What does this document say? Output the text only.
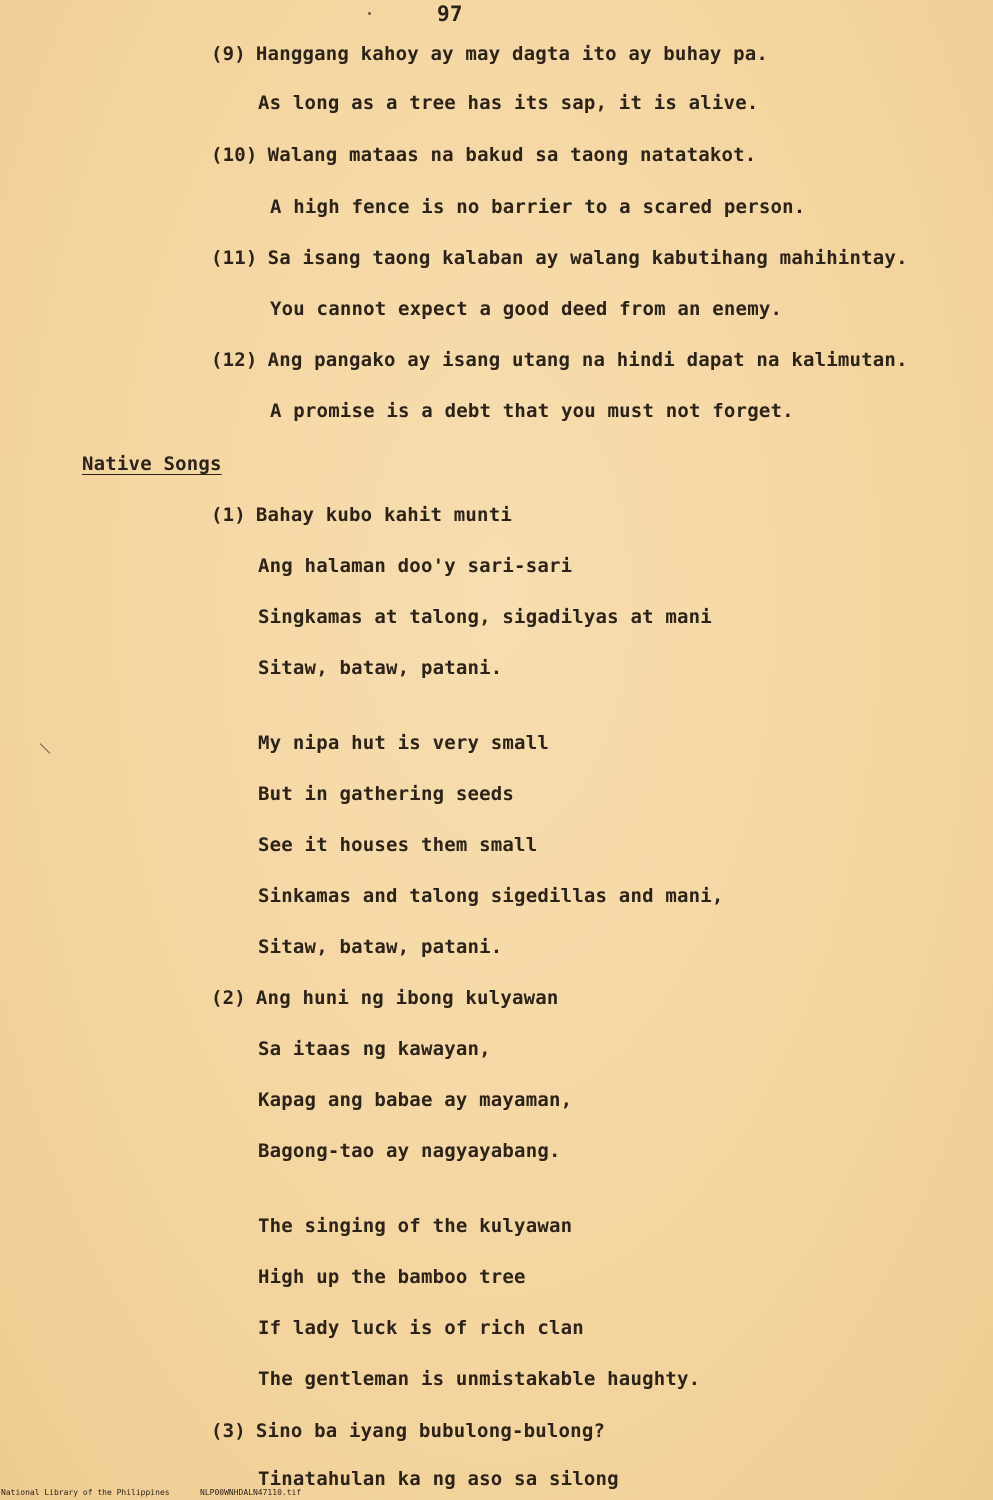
97
(9) Hanggang kahoy ay may dagta ito ay buhay pa.
As long as a tree has its sap, it is alive.
(10) Walang mataas na bakud sa taong natatakot.
A high fence is no barrier to a scared person.
(11) Sa isang taong kalaban ay walang kabutihang mahihintay.
You cannot expect a good deed from an enemy.
(12) Ang pangako ay isang utang na hindi dapat na kalimutan.
A promise is a debt that you must not forget.
Native Songs
(1) Bahay kubo kahit munti
Ang halaman doo'y sari-sari
Singkamas at talong, sigadilyas at mani
Sitaw, bataw, patani.
My nipa hut is very small
But in gathering seeds
See it houses them small
Sinkamas and talong sigedillas and mani,
Sitaw, bataw, patani.
(2) Ang huni ng ibong kulyawan
Sa itaas ng kawayan,
Kapag ang babae ay mayaman,
Bagong-tao ay nagyayabang.
The singing of the kulyawan
High up the bamboo tree
If lady luck is of rich clan
The gentleman is unmistakable haughty.
(3) Sino ba iyang bubulong-bulong?
Tinatahulan ka ng aso sa silong
National Library of the Philippines	NLP00WNHDALN47110.tif
